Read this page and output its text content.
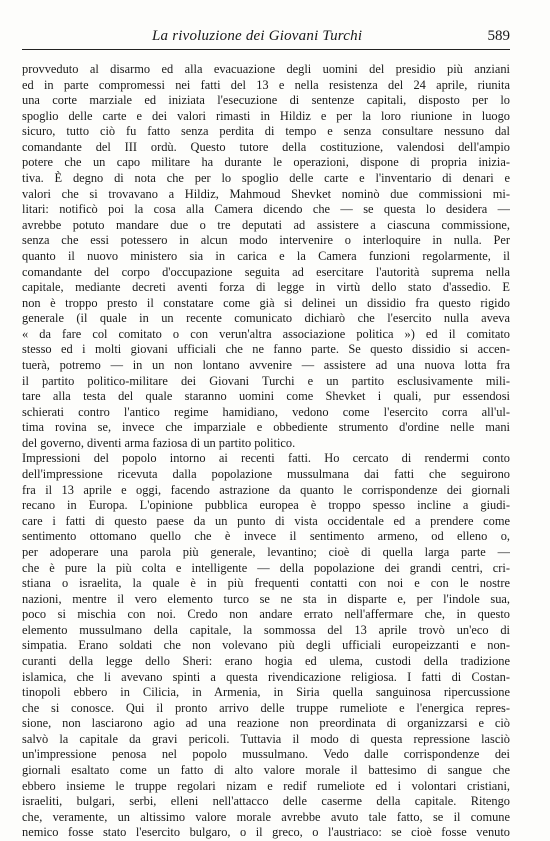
La rivoluzione dei Giovani Turchi	589
provveduto al disarmo ed alla evacuazione degli uomini del presidio più anziani
ed in parte compromessi nei fatti del 13 e nella resistenza del 24 aprile, riunita
una corte marziale ed iniziata l'esecuzione di sentenze capitali, disposto per lo
spoglio delle carte e dei valori rimasti in Hildiz e per la loro riunione in luogo
sicuro, tutto ciò fu fatto senza perdita di tempo e senza consultare nessuno dal
comandante del III ordù. Questo tutore della costituzione, valendosi dell'ampio
potere che un capo militare ha durante le operazioni, dispone di propria inizia-
tiva. È degno di nota che per lo spoglio delle carte e l'inventario di denari e
valori che si trovavano a Hildiz, Mahmoud Shevket nominò due commissioni mi-
litari: notificò poi la cosa alla Camera dicendo che — se questa lo desidera —
avrebbe potuto mandare due o tre deputati ad assistere a ciascuna commissione,
senza che essi potessero in alcun modo intervenire o interloquire in nulla. Per
quanto il nuovo ministero sia in carica e la Camera funzioni regolarmente, il
comandante del corpo d'occupazione seguita ad esercitare l'autorità suprema nella
capitale, mediante decreti aventi forza di legge in virtù dello stato d'assedio. E
non è troppo presto il constatare come già si delinei un dissidio fra questo rigido
generale (il quale in un recente comunicato dichiarò che l'esercito nulla aveva
« da fare col comitato o con verun'altra associazione politica ») ed il comitato
stesso ed i molti giovani ufficiali che ne fanno parte. Se questo dissidio si accen-
tuerà, potremo — in un non lontano avvenire — assistere ad una nuova lotta fra
il partito politico-militare dei Giovani Turchi e un partito esclusivamente mili-
tare alla testa del quale staranno uomini come Shevket i quali, pur essendosi
schierati contro l'antico regime hamidiano, vedono come l'esercito corra all'ul-
tima rovina se, invece che imparziale e obbediente strumento d'ordine nelle mani
del governo, diventi arma faziosa di un partito politico.
Impressioni del popolo intorno ai recenti fatti. Ho cercato di rendermi conto
dell'impressione ricevuta dalla popolazione mussulmana dai fatti che seguirono
fra il 13 aprile e oggi, facendo astrazione da quanto le corrispondenze dei giornali
recano in Europa. L'opinione pubblica europea è troppo spesso incline a giudi-
care i fatti di questo paese da un punto di vista occidentale ed a prendere come
sentimento ottomano quello che è invece il sentimento armeno, od elleno o,
per adoperare una parola più generale, levantino; cioè di quella larga parte —
che è pure la più colta e intelligente — della popolazione dei grandi centri, cri-
stiana o israelita, la quale è in più frequenti contatti con noi e con le nostre
nazioni, mentre il vero elemento turco se ne sta in disparte e, per l'indole sua,
poco si mischia con noi. Credo non andare errato nell'affermare che, in questo
elemento mussulmano della capitale, la sommossa del 13 aprile trovò un'eco di
simpatia. Erano soldati che non volevano più degli ufficiali europeizzanti e non-
curanti della legge dello Sheri: erano hogia ed ulema, custodi della tradizione
islamica, che li avevano spinti a questa rivendicazione religiosa. I fatti di Costan-
tinopoli ebbero in Cilicia, in Armenia, in Siria quella sanguinosa ripercussione
che si conosce. Qui il pronto arrivo delle truppe rumeliote e l'energica repres-
sione, non lasciarono agio ad una reazione non preordinata di organizzarsi e ciò
salvò la capitale da gravi pericoli. Tuttavia il modo di questa repressione lasciò
un'impressione penosa nel popolo mussulmano. Vedo dalle corrispondenze dei
giornali esaltato come un fatto di alto valore morale il battesimo di sangue che
ebbero insieme le truppe regolari nizam e redif rumeliote ed i volontari cristiani,
israeliti, bulgari, serbi, elleni nell'attacco delle caserme della capitale. Ritengo
che, veramente, un altissimo valore morale avrebbe avuto tale fatto, se il comune
nemico fosse stato l'esercito bulgaro, o il greco, o l'austriaco: se cioè fosse venuto
